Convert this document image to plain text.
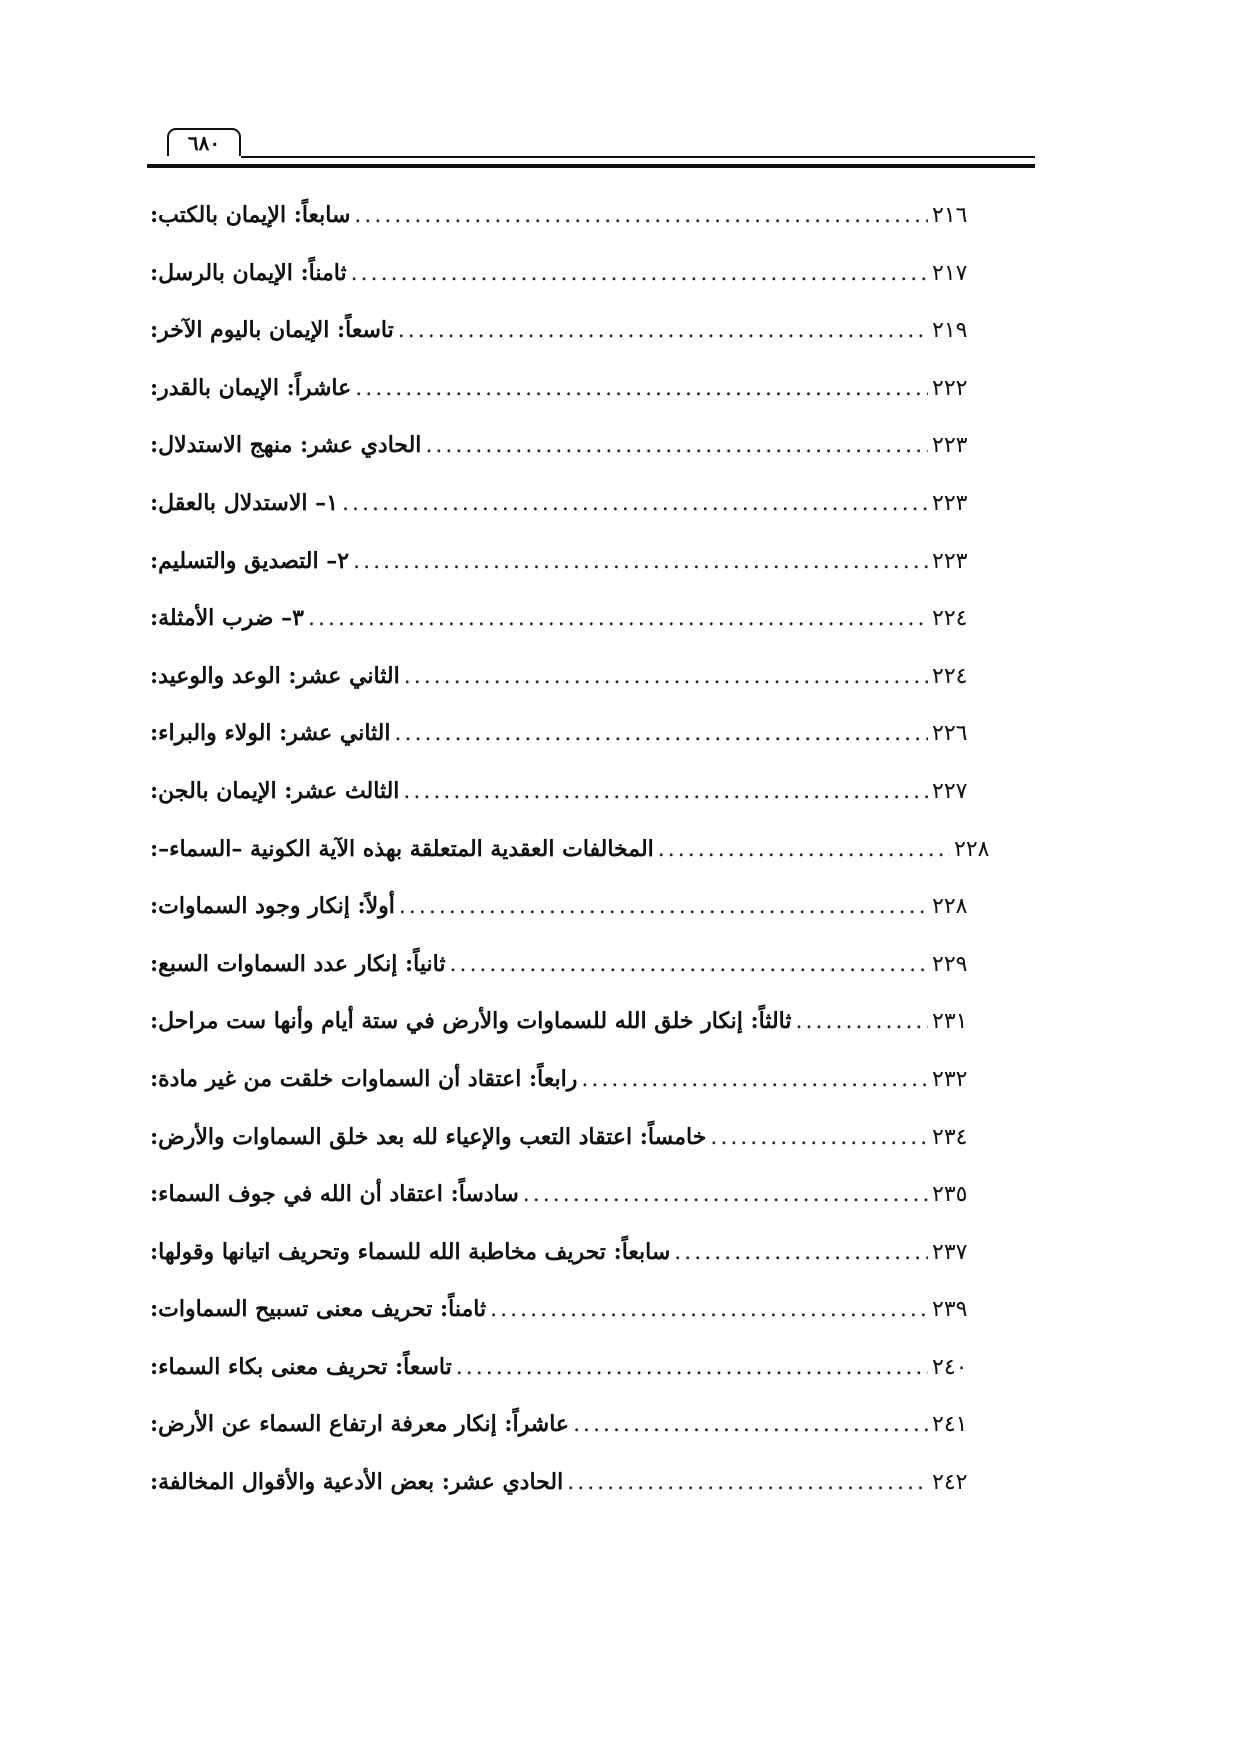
٦٨٠
سابعاً: الإيمان بالكتب: .....	٢١٦
ثامناً: الإيمان بالرسل: .....	٢١٧
تاسعاً: الإيمان باليوم الآخر: .....	٢١٩
عاشراً: الإيمان بالقدر: .....	٢٢٢
الحادي عشر: منهج الاستدلال: .....	٢٢٣
١– الاستدلال بالعقل: .....	٢٢٣
٢– التصديق والتسليم: .....	٢٢٣
٣– ضرب الأمثلة: .....	٢٢٤
الثاني عشر: الوعد والوعيد: .....	٢٢٤
الثاني عشر: الولاء والبراء: .....	٢٢٦
الثالث عشر: الإيمان بالجن: .....	٢٢٧
المخالفات العقدية المتعلقة بهذه الآية الكونية –السماء–: .....	٢٢٨
أولاً: إنكار وجود السماوات: .....	٢٢٨
ثانياً: إنكار عدد السماوات السبع: .....	٢٢٩
ثالثاً: إنكار خلق الله للسماوات والأرض في ستة أيام وأنها ست مراحل: .....	٢٣١
رابعاً: اعتقاد أن السماوات خلقت من غير مادة: .....	٢٣٢
خامساً: اعتقاد التعب والإعياء لله بعد خلق السماوات والأرض: .....	٢٣٤
سادساً: اعتقاد أن الله في جوف السماء: .....	٢٣٥
سابعاً: تحريف مخاطبة الله للسماء وتحريف اتيانها وقولها: .....	٢٣٧
ثامناً: تحريف معنى تسبيح السماوات: .....	٢٣٩
تاسعاً: تحريف معنى بكاء السماء: .....	٢٤٠
عاشراً: إنكار معرفة ارتفاع السماء عن الأرض: .....	٢٤١
الحادي عشر: بعض الأدعية والأقوال المخالفة: .....	٢٤٢
